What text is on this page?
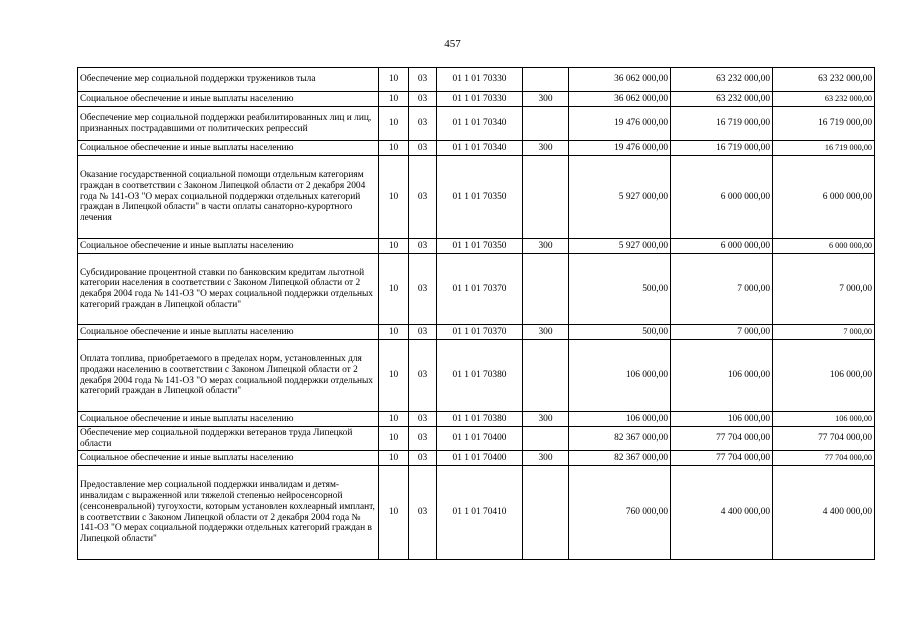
457
Обеспечение мер социальной поддержки тружеников тыла	10	03	01 1 01 70330		36 062 000,00	63 232 000,00	63 232 000,00
Социальное обеспечение и иные выплаты населению	10	03	01 1 01 70330	300	36 062 000,00	63 232 000,00	63 232 000,00
Обеспечение мер социальной поддержки реабилитированных лиц и лиц, признанных пострадавшими от политических репрессий	10	03	01 1 01 70340		19 476 000,00	16 719 000,00	16 719 000,00
Социальное обеспечение и иные выплаты населению	10	03	01 1 01 70340	300	19 476 000,00	16 719 000,00	16 719 000,00
Оказание государственной социальной помощи отдельным категориям граждан в соответствии с Законом Липецкой области от 2 декабря 2004 года № 141-ОЗ "О мерах социальной поддержки отдельных категорий граждан в Липецкой области" в части оплаты санаторно-курортного лечения	10	03	01 1 01 70350		5 927 000,00	6 000 000,00	6 000 000,00
Социальное обеспечение и иные выплаты населению	10	03	01 1 01 70350	300	5 927 000,00	6 000 000,00	6 000 000,00
Субсидирование процентной ставки по банковским кредитам льготной категории населения в соответствии с Законом Липецкой области от 2 декабря 2004 года № 141-ОЗ "О мерах социальной поддержки отдельных категорий граждан в Липецкой области"	10	03	01 1 01 70370		500,00	7 000,00	7 000,00
Социальное обеспечение и иные выплаты населению	10	03	01 1 01 70370	300	500,00	7 000,00	7 000,00
Оплата топлива, приобретаемого в пределах норм, установленных для продажи населению в соответствии с Законом Липецкой области от 2 декабря 2004 года № 141-ОЗ "О мерах социальной поддержки отдельных категорий граждан в Липецкой области"	10	03	01 1 01 70380		106 000,00	106 000,00	106 000,00
Социальное обеспечение и иные выплаты населению	10	03	01 1 01 70380	300	106 000,00	106 000,00	106 000,00
Обеспечение мер социальной поддержки ветеранов труда Липецкой области	10	03	01 1 01 70400		82 367 000,00	77 704 000,00	77 704 000,00
Социальное обеспечение и иные выплаты населению	10	03	01 1 01 70400	300	82 367 000,00	77 704 000,00	77 704 000,00
Предоставление мер социальной поддержки инвалидам и детям-инвалидам с выраженной или тяжелой степенью нейросенсорной (сенсоневральной) тугоухости, которым установлен кохлеарный имплант, в соответствии с Законом Липецкой области от 2 декабря 2004 года № 141-ОЗ "О мерах социальной поддержки отдельных категорий граждан в Липецкой области"	10	03	01 1 01 70410		760 000,00	4 400 000,00	4 400 000,00
